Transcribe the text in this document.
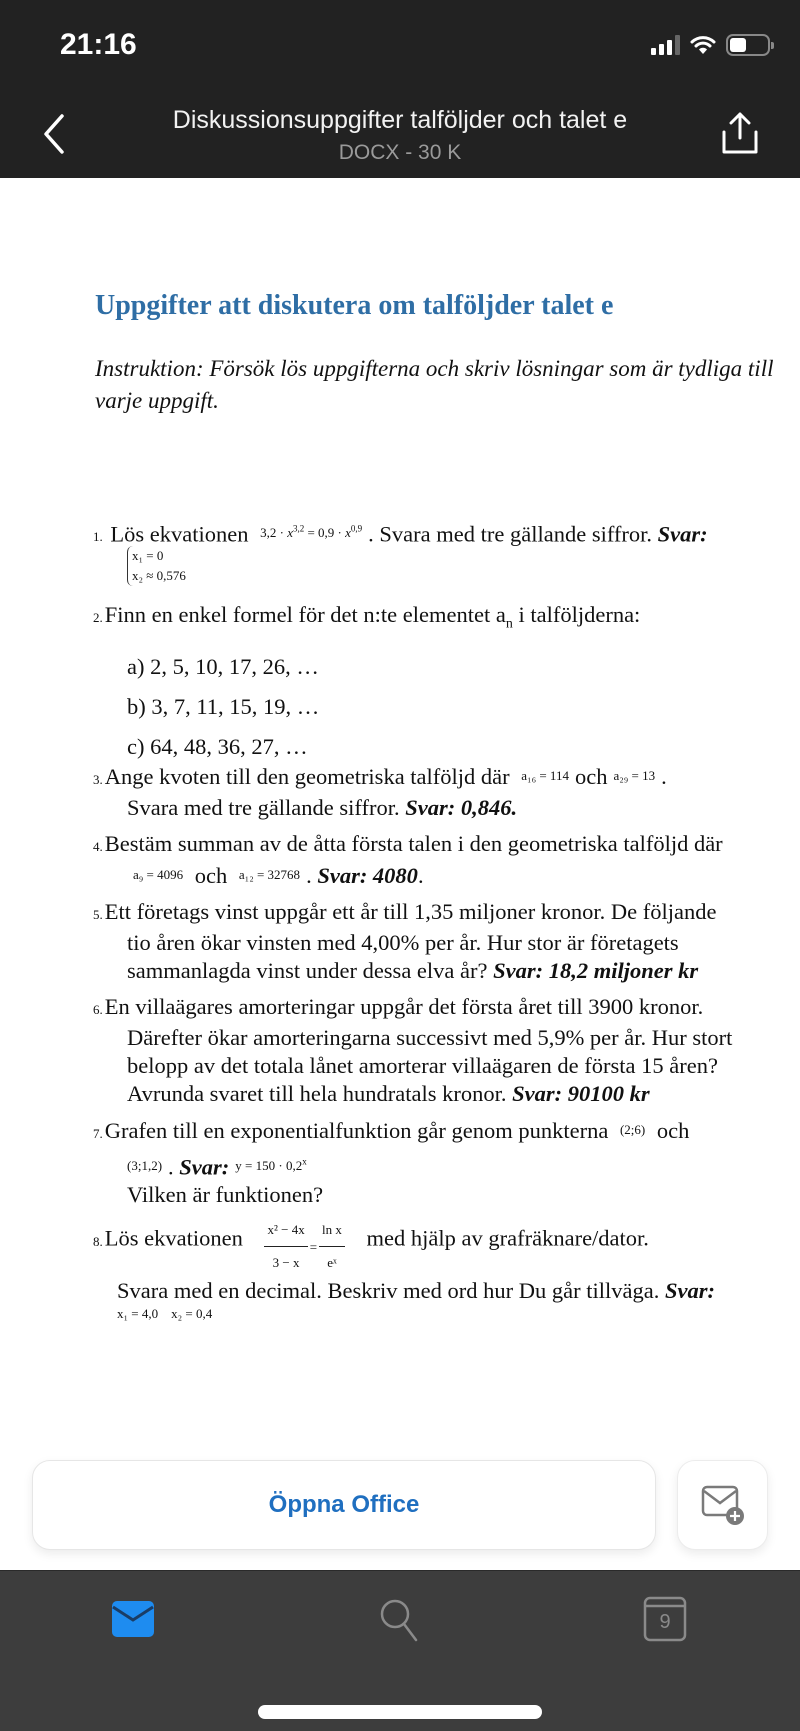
21:16
Diskussionsuppgifter talföljder och talet e
DOCX - 30 K
Uppgifter att diskutera om talföljder talet e
Instruktion: Försök lös uppgifterna och skriv lösningar som är tydliga till varje uppgift.
1. Lös ekvationen $3,2 \cdot x^{3,2} = 0,9 \cdot x^{0,9}$ . Svara med tre gällande siffror. Svar:
x₁ = 0
x₂ ≈ 0,576
2.Finn en enkel formel för det n:te elementet $a_n$ i talföljderna:
a) 2, 5, 10, 17, 26, …
b) 3, 7, 11, 15, 19, …
c) 64, 48, 36, 27, …
3.Ange kvoten till den geometriska talföljd där a₁₆ = 114 och a₂₉ = 13 .
Svara med tre gällande siffror. Svar: 0,846.
4.Bestäm summan av de åtta första talen i den geometriska talföljd där
a₉ = 4096 och a₁₂ = 32768 . Svar: 4080.
5.Ett företags vinst uppgår ett år till 1,35 miljoner kronor. De följande
tio åren ökar vinsten med 4,00% per år. Hur stor är företagets
sammanlagda vinst under dessa elva år? Svar: 18,2 miljoner kr
6.En villaägares amorteringar uppgår det första året till 3900 kronor.
Därefter ökar amorteringarna successivt med 5,9% per år. Hur stort
belopp av det totala lånet amorterar villaägaren de första 15 åren?
Avrunda svaret till hela hundratals kronor. Svar: 90100 kr
7.Grafen till en exponentialfunktion går genom punkterna (2;6) och
(3;1,2) . Svar: $y = 150 \cdot 0,2^x$
Vilken är funktionen?
8.Lös ekvationen $\frac{\text{x² − 4x}}{3 - x} = \frac{\text{ln x}}{\text{eˣ}}$ med hjälp av grafräknare/dator.
Svara med en decimal. Beskriv med ord hur Du går tillväga. Svar:
x₁ = 4,0 x₂ = 0,4
Öppna Office
9
